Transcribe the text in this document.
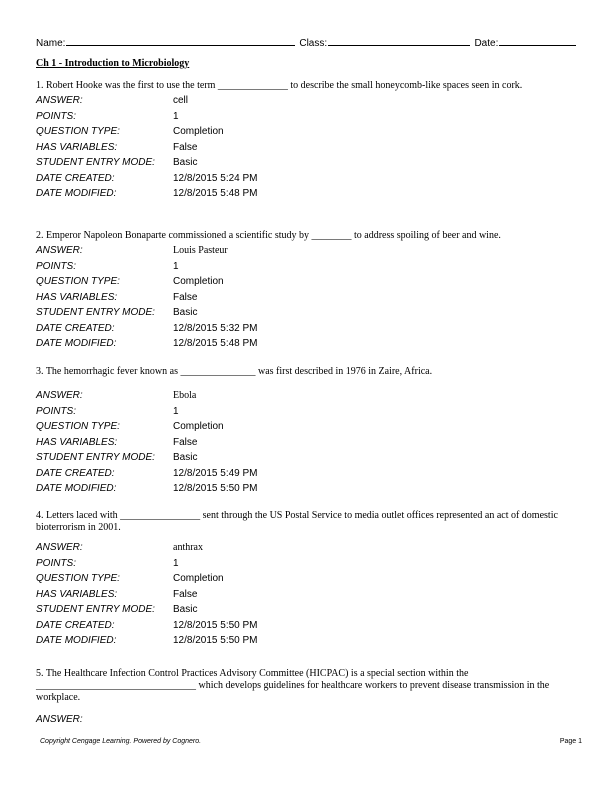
Name:	Class:	Date:
Ch 1 - Introduction to Microbiology
1. Robert Hooke was the first to use the term ______________ to describe the small honeycomb-like spaces seen in cork.
ANSWER:	cell
POINTS:	1
QUESTION TYPE:	Completion
HAS VARIABLES:	False
STUDENT ENTRY MODE:	Basic
DATE CREATED:	12/8/2015 5:24 PM
DATE MODIFIED:	12/8/2015 5:48 PM
2. Emperor Napoleon Bonaparte commissioned a scientific study by ________ to address spoiling of beer and wine.
ANSWER:	Louis Pasteur
POINTS:	1
QUESTION TYPE:	Completion
HAS VARIABLES:	False
STUDENT ENTRY MODE:	Basic
DATE CREATED:	12/8/2015 5:32 PM
DATE MODIFIED:	12/8/2015 5:48 PM
3. The hemorrhagic fever known as _______________ was first described in 1976 in Zaire, Africa.
ANSWER:	Ebola
POINTS:	1
QUESTION TYPE:	Completion
HAS VARIABLES:	False
STUDENT ENTRY MODE:	Basic
DATE CREATED:	12/8/2015 5:49 PM
DATE MODIFIED:	12/8/2015 5:50 PM
4. Letters laced with ________________ sent through the US Postal Service to media outlet offices represented an act of domestic bioterrorism in 2001.
ANSWER:	anthrax
POINTS:	1
QUESTION TYPE:	Completion
HAS VARIABLES:	False
STUDENT ENTRY MODE:	Basic
DATE CREATED:	12/8/2015 5:50 PM
DATE MODIFIED:	12/8/2015 5:50 PM
5. The Healthcare Infection Control Practices Advisory Committee (HICPAC) is a special section within the ________________________________ which develops guidelines for healthcare workers to prevent disease transmission in the workplace.
ANSWER:
Copyright Cengage Learning. Powered by Cognero.	Page 1
